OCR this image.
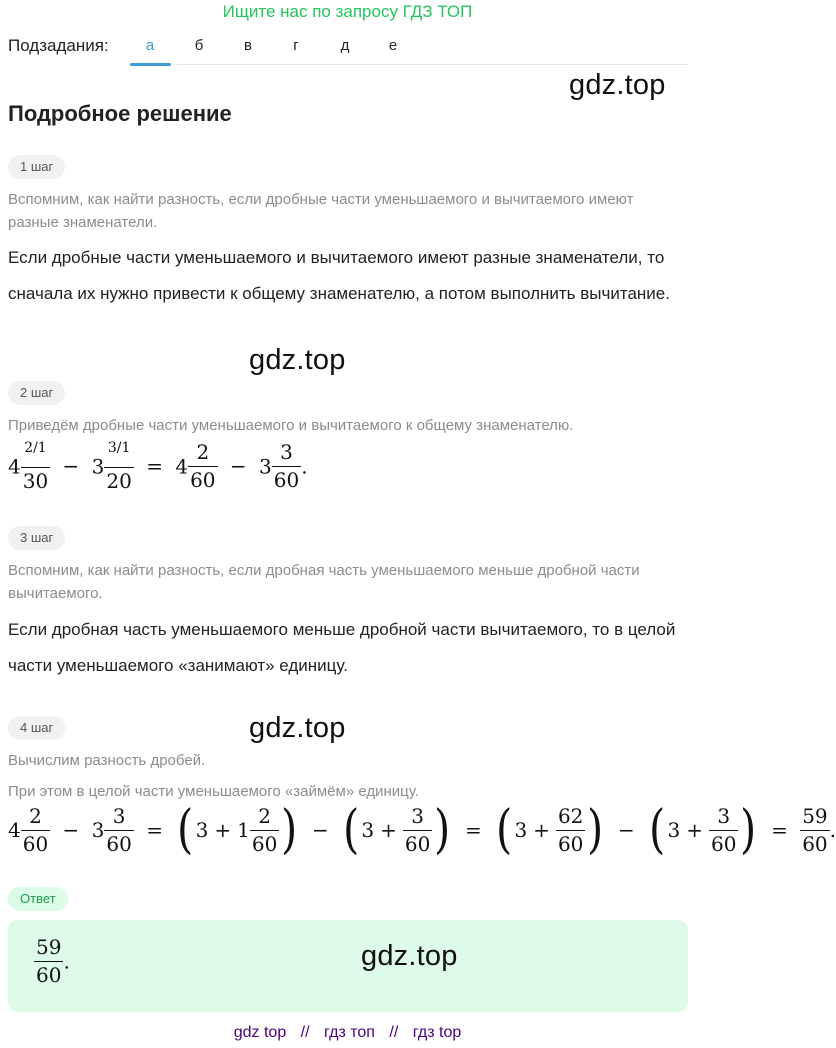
Ищите нас по запросу ГДЗ ТОП
Подзадания:	а	б	в	г	д	е
gdz.top
gdz.top
gdz.top
Подробное решение
1 шаг
Вспомним, как найти разность, если дробные части уменьшаемого и вычитаемого имеют разные знаменатели.
Если дробные части уменьшаемого и вычитаемого имеют разные знаменатели, то сначала их нужно привести к общему знаменателю, а потом выполнить вычитание.
2 шаг
Приведём дробные части уменьшаемого и вычитаемого к общему знаменателю.
$4 \frac{^{2/1}}{30} - 3 \frac{^{3/1}}{20} = 4 \frac{2}{60} - 3 \frac{3}{60}$ .
3 шаг
Вспомним, как найти разность, если дробная часть уменьшаемого меньше дробной части вычитаемого.
Если дробная часть уменьшаемого меньше дробной части вычитаемого, то в целой части уменьшаемого «занимают» единицу.
4 шаг
Вычислим разность дробей.
При этом в целой части уменьшаемого «займём» единицу.
$4 \frac{2}{60} - 3 \frac{3}{60}$ = ( $3 + 1 \frac{2}{60}$ ) − ( $3 + \frac{3}{60}$ ) = ( $3 + \frac{62}{60}$ ) − ( $3 + \frac{3}{60}$ ) = $\frac{59}{60}$ .
Ответ
$\frac{59}{60}$ .	gdz.top
gdz top // гдз топ // гдз top
